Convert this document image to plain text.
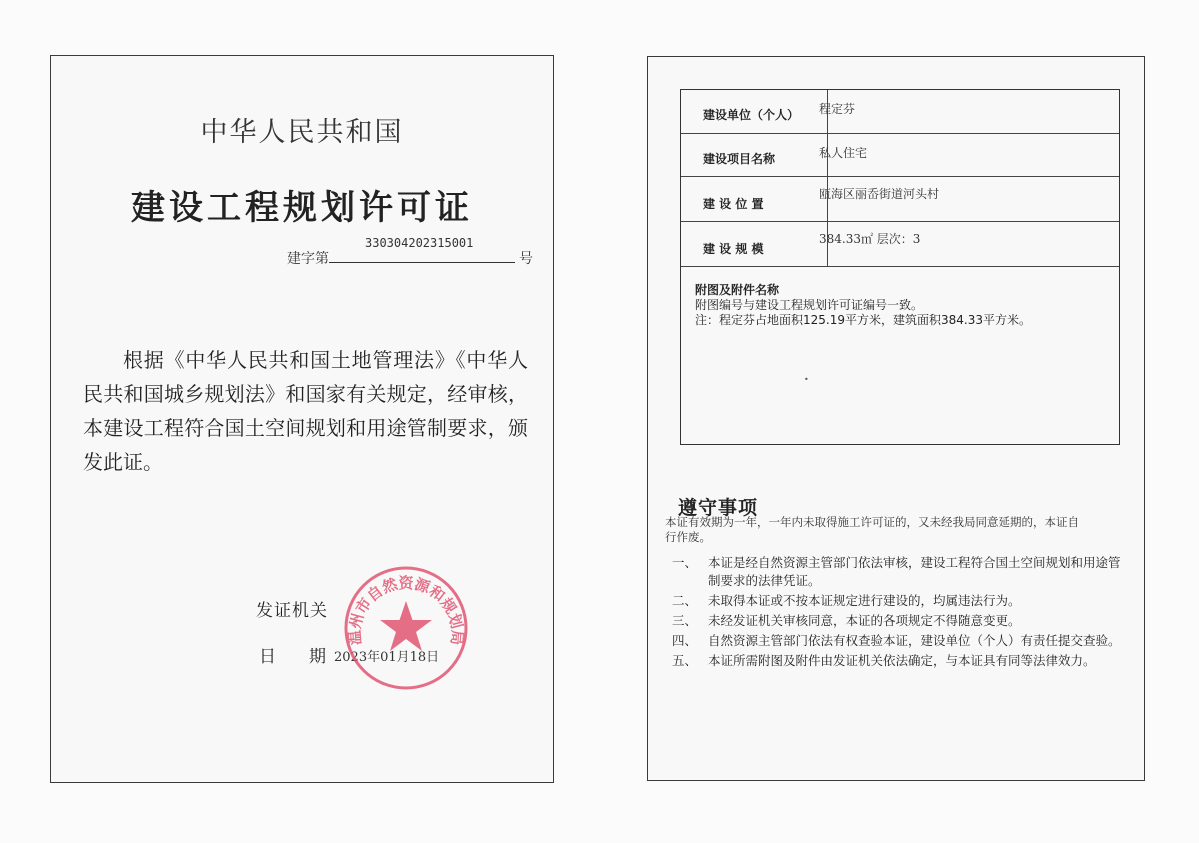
中华人民共和国
建设工程规划许可证
建字第
330304202315001
号
根据《中华人民共和国土地管理法》《中华人民共和国城乡规划法》和国家有关规定，经审核，本建设工程符合国土空间规划和用途管制要求，颁发此证。
发证机关
日 期 2023年01月18日
温州市自然资源和规划局
建设单位（个人） 程定芬
建设项目名称	私人住宅
建 设 位 置
瓯海区丽岙街道河头村
建 设 规 模
384.33㎡ 层次：3
附图及附件名称
附图编号与建设工程规划许可证编号一致。
注：程定芬占地面积125.19平方米，建筑面积384.33平方米。
•
遵守事项
本证有效期为一年，一年内未取得施工许可证的，又未经我局同意延期的，本证自行作废。
一、 本证是经自然资源主管部门依法审核，建设工程符合国土空间规划和用途管制要求的法律凭证。
二、 未取得本证或不按本证规定进行建设的，均属违法行为。
三、 未经发证机关审核同意，本证的各项规定不得随意变更。
四、 自然资源主管部门依法有权查验本证，建设单位（个人）有责任提交查验。
五、 本证所需附图及附件由发证机关依法确定，与本证具有同等法律效力。
